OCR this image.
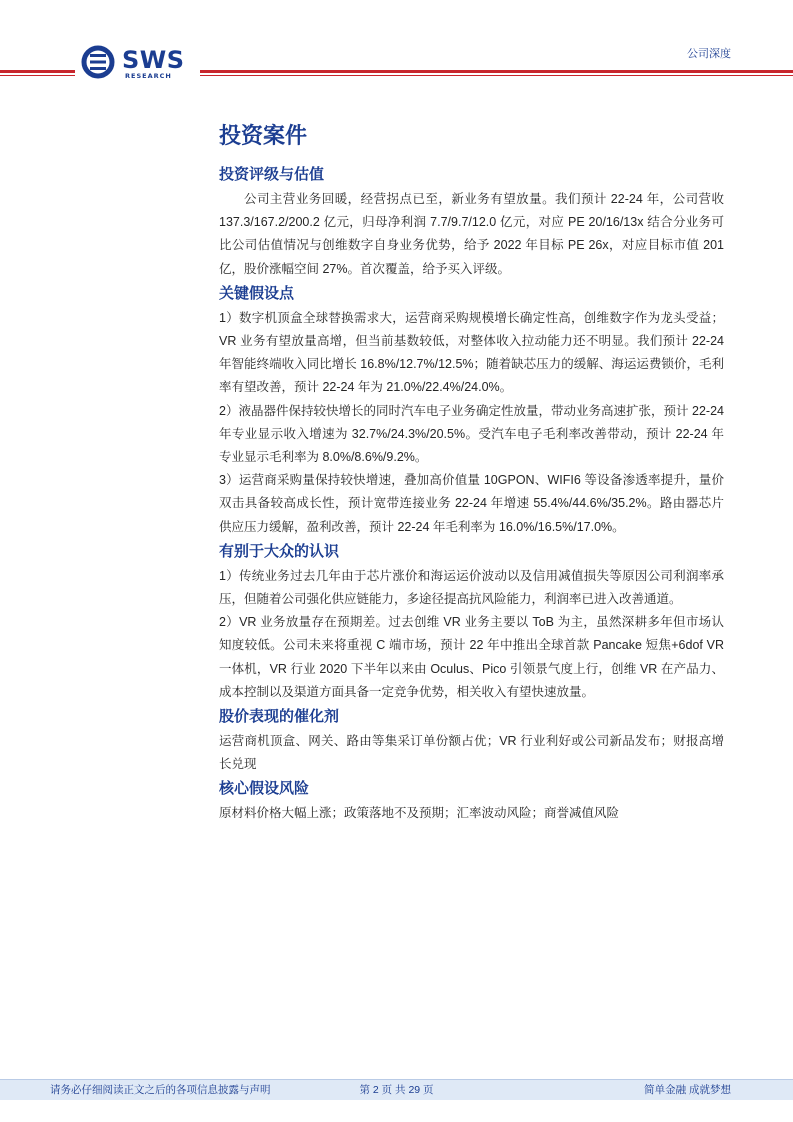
SWS
RESEARCH
公司深度
投资案件
投资评级与估值

公司主营业务回暖，经营拐点已至，新业务有望放量。我们预计 22-24 年，公司营收 137.3/167.2/200.2 亿元，归母净利润 7.7/9.7/12.0 亿元，对应 PE 20/16/13x 结合分业务可比公司估值情况与创维数字自身业务优势，给予 2022 年目标 PE 26x，对应目标市值 201 亿，股价涨幅空间 27%。首次覆盖，给予买入评级。

关键假设点

1）数字机顶盒全球替换需求大，运营商采购规模增长确定性高，创维数字作为龙头受益；VR 业务有望放量高增，但当前基数较低，对整体收入拉动能力还不明显。我们预计 22-24 年智能终端收入同比增长 16.8%/12.7%/12.5%；随着缺芯压力的缓解、海运运费锁价，毛利率有望改善，预计 22-24 年为 21.0%/22.4%/24.0%。

2）液晶器件保持较快增长的同时汽车电子业务确定性放量，带动业务高速扩张，预计 22-24 年专业显示收入增速为 32.7%/24.3%/20.5%。受汽车电子毛利率改善带动，预计 22-24 年专业显示毛利率为 8.0%/8.6%/9.2%。

3）运营商采购量保持较快增速，叠加高价值量 10GPON、WIFI6 等设备渗透率提升，量价双击具备较高成长性，预计宽带连接业务 22-24 年增速 55.4%/44.6%/35.2%。路由器芯片供应压力缓解，盈利改善，预计 22-24 年毛利率为 16.0%/16.5%/17.0%。

有别于大众的认识

1）传统业务过去几年由于芯片涨价和海运运价波动以及信用减值损失等原因公司利润率承压，但随着公司强化供应链能力，多途径提高抗风险能力，利润率已进入改善通道。

2）VR 业务放量存在预期差。过去创维 VR 业务主要以 ToB 为主，虽然深耕多年但市场认知度较低。公司未来将重视 C 端市场，预计 22 年中推出全球首款 Pancake 短焦+6dof VR 一体机，VR 行业 2020 下半年以来由 Oculus、Pico 引领景气度上行，创维 VR 在产品力、成本控制以及渠道方面具备一定竞争优势，相关收入有望快速放量。

股价表现的催化剂

运营商机顶盒、网关、路由等集采订单份额占优；VR 行业利好或公司新品发布；财报高增长兑现

核心假设风险

原材料价格大幅上涨；政策落地不及预期；汇率波动风险；商誉减值风险

请务必仔细阅读正文之后的各项信息披露与声明	第 2 页 共 29 页	简单金融 成就梦想
